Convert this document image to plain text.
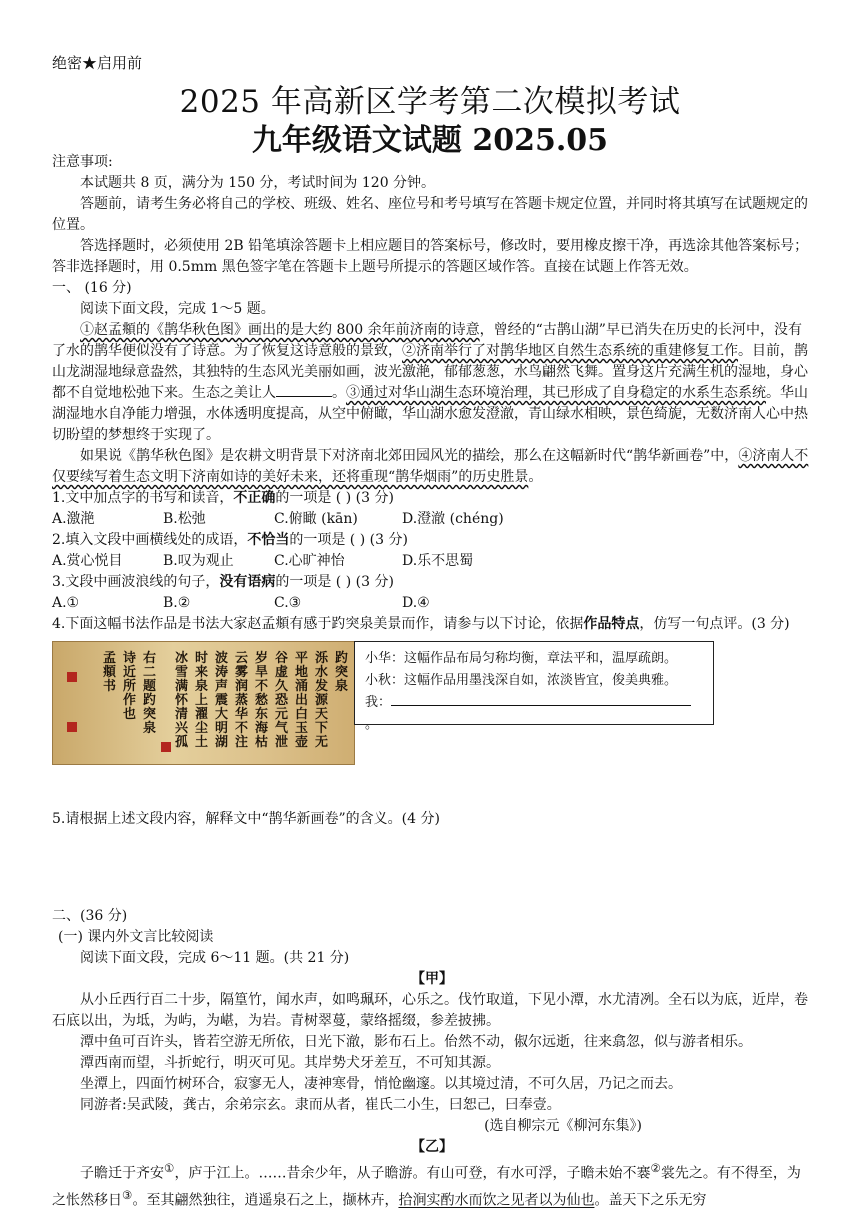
绝密★启用前
2025 年高新区学考第二次模拟考试
九年级语文试题 2025.05
注意事项:
本试题共 8 页，满分为 150 分，考试时间为 120 分钟。
答题前，请考生务必将自己的学校、班级、姓名、座位号和考号填写在答题卡规定位置，并同时将其填写在试题规定的位置。
答选择题时，必须使用 2B 铅笔填涂答题卡上相应题目的答案标号，修改时，要用橡皮擦干净，再选涂其他答案标号；答非选择题时，用 0.5mm 黑色签字笔在答题卡上题号所提示的答题区域作答。直接在试题上作答无效。
一、 (16 分)
阅读下面文段，完成 1～5 题。
①赵孟頫的《鹊华秋色图》画出的是大约 800 余年前济南的诗意，曾经的“古鹊山湖”早已消失在历史的长河中，没有了水的鹊华便似没有了诗意。为了恢复这诗意般的景致，②济南举行了对鹊华地区自然生态系统的重建修复工作。目前，鹊山龙湖湿地绿意盎然，其独特的生态风光美丽如画，波光激滟，郁郁葱葱，水鸟翩然飞舞。置身这片充满生机的湿地，身心都不自觉地松弛下来。生态之美让人	。③通过对华山湖生态环境治理，其已形成了自身稳定的水系生态系统。华山湖湿地水自净能力增强，水体透明度提高，从空中俯瞰，华山湖水愈发澄澈，青山绿水相映，景色绮旎，无数济南人心中热切盼望的梦想终于实现了。
如果说《鹊华秋色图》是农耕文明背景下对济南北郊田园风光的描绘，那么在这幅新时代“鹊华新画卷”中，④济南人不仅要续写着生态文明下济南如诗的美好未来，还将重现“鹊华烟雨”的历史胜景。
1.文中加点字的书写和读音，不正确的一项是 ( ) (3 分)
A.激滟	B.松弛	C.俯瞰 (kān)	D.澄澈 (chéng)
2.填入文段中画横线处的成语，不恰当的一项是 ( ) (3 分)
A.赏心悦目	B.叹为观止	C.心旷神怡	D.乐不思蜀
3.文段中画波浪线的句子，没有语病的一项是 ( ) (3 分)
A.①	B.②	C.③	D.④
4.下面这幅书法作品是书法大家赵孟頫有感于趵突泉美景而作，请参与以下讨论，依据作品特点，仿写一句点评。(3 分)
趵突泉
泺水发源天下无
平地涌出白玉壶
谷虚久恐元气泄
岁旱不愁东海枯
云雾润蒸华不注
波涛声震大明湖
时来泉上濯尘土
冰雪满怀清兴孤
右二题趵突泉
诗近所作也
孟頫书
小华：这幅作品布局匀称均衡，章法平和，温厚疏朗。
小秋：这幅作品用墨浅深自如，浓淡皆宜，俊美典雅。
我：。
5.请根据上述文段内容，解释文中“鹊华新画卷”的含义。(4 分)
二、(36 分)
(一) 课内外文言比较阅读
阅读下面文段，完成 6～11 题。(共 21 分)
【甲】
从小丘西行百二十步，隔篁竹，闻水声，如鸣珮环，心乐之。伐竹取道，下见小潭，水尤清冽。全石以为底，近岸，卷石底以出，为坻，为屿，为嵁，为岩。青树翠蔓，蒙络摇缀，参差披拂。
潭中鱼可百许头，皆若空游无所依，日光下澈，影布石上。佁然不动，俶尔远逝，往来翕忽，似与游者相乐。
潭西南而望，斗折蛇行，明灭可见。其岸势犬牙差互，不可知其源。
坐潭上，四面竹树环合，寂寥无人，凄神寒骨，悄怆幽邃。以其境过清，不可久居，乃记之而去。
同游者:吴武陵，龚古，余弟宗玄。隶而从者，崔氏二小生，曰恕己，曰奉壹。
(选自柳宗元《柳河东集》)
【乙】
子瞻迁于齐安①，庐于江上。……昔余少年，从子瞻游。有山可登，有水可浮，子瞻未始不褰②裳先之。有不得至，为之怅然移日③。至其翩然独往，逍遥泉石之上，撷林卉，拾涧实酌水而饮之见者以为仙也。盖天下之乐无穷
